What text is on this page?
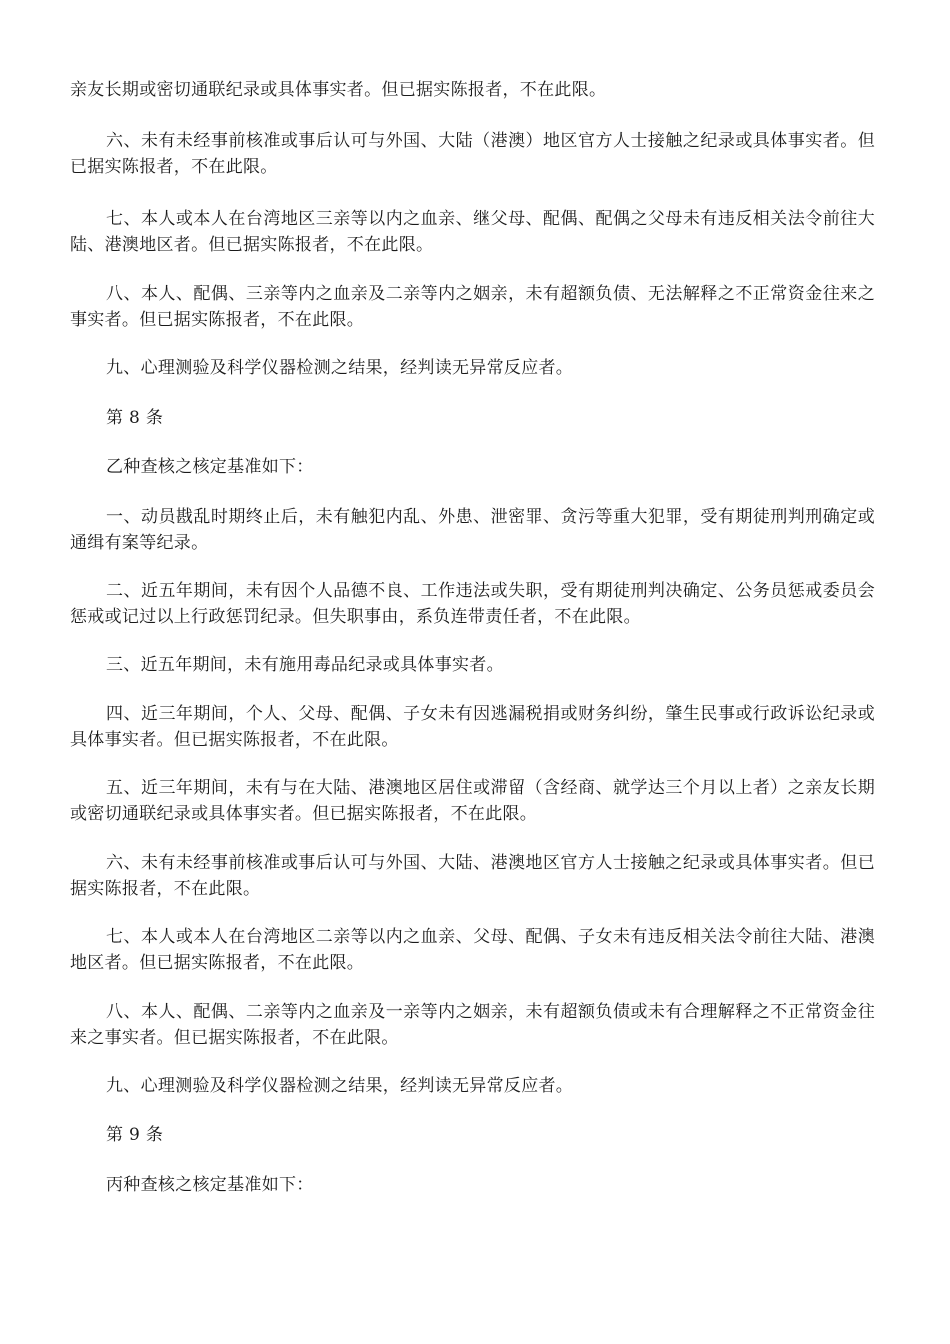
亲友长期或密切通联纪录或具体事实者。但已据实陈报者，不在此限。

六、未有未经事前核准或事后认可与外国、大陆（港澳）地区官方人士接触之纪录或具体事实者。但已据实陈报者，不在此限。

七、本人或本人在台湾地区三亲等以内之血亲、继父母、配偶、配偶之父母未有违反相关法令前往大陆、港澳地区者。但已据实陈报者，不在此限。

八、本人、配偶、三亲等内之血亲及二亲等内之姻亲，未有超额负债、无法解释之不正常资金往来之事实者。但已据实陈报者，不在此限。

九、心理测验及科学仪器检测之结果，经判读无异常反应者。

第 8 条

乙种查核之核定基准如下：

一、动员戡乱时期终止后，未有触犯内乱、外患、泄密罪、贪污等重大犯罪，受有期徒刑判刑确定或通缉有案等纪录。

二、近五年期间，未有因个人品德不良、工作违法或失职，受有期徒刑判决确定、公务员惩戒委员会惩戒或记过以上行政惩罚纪录。但失职事由，系负连带责任者，不在此限。

三、近五年期间，未有施用毒品纪录或具体事实者。

四、近三年期间，个人、父母、配偶、子女未有因逃漏税捐或财务纠纷，肇生民事或行政诉讼纪录或具体事实者。但已据实陈报者，不在此限。

五、近三年期间，未有与在大陆、港澳地区居住或滞留（含经商、就学达三个月以上者）之亲友长期或密切通联纪录或具体事实者。但已据实陈报者，不在此限。

六、未有未经事前核准或事后认可与外国、大陆、港澳地区官方人士接触之纪录或具体事实者。但已据实陈报者，不在此限。

七、本人或本人在台湾地区二亲等以内之血亲、父母、配偶、子女未有违反相关法令前往大陆、港澳地区者。但已据实陈报者，不在此限。

八、本人、配偶、二亲等内之血亲及一亲等内之姻亲，未有超额负债或未有合理解释之不正常资金往来之事实者。但已据实陈报者，不在此限。

九、心理测验及科学仪器检测之结果，经判读无异常反应者。

第 9 条

丙种查核之核定基准如下：
